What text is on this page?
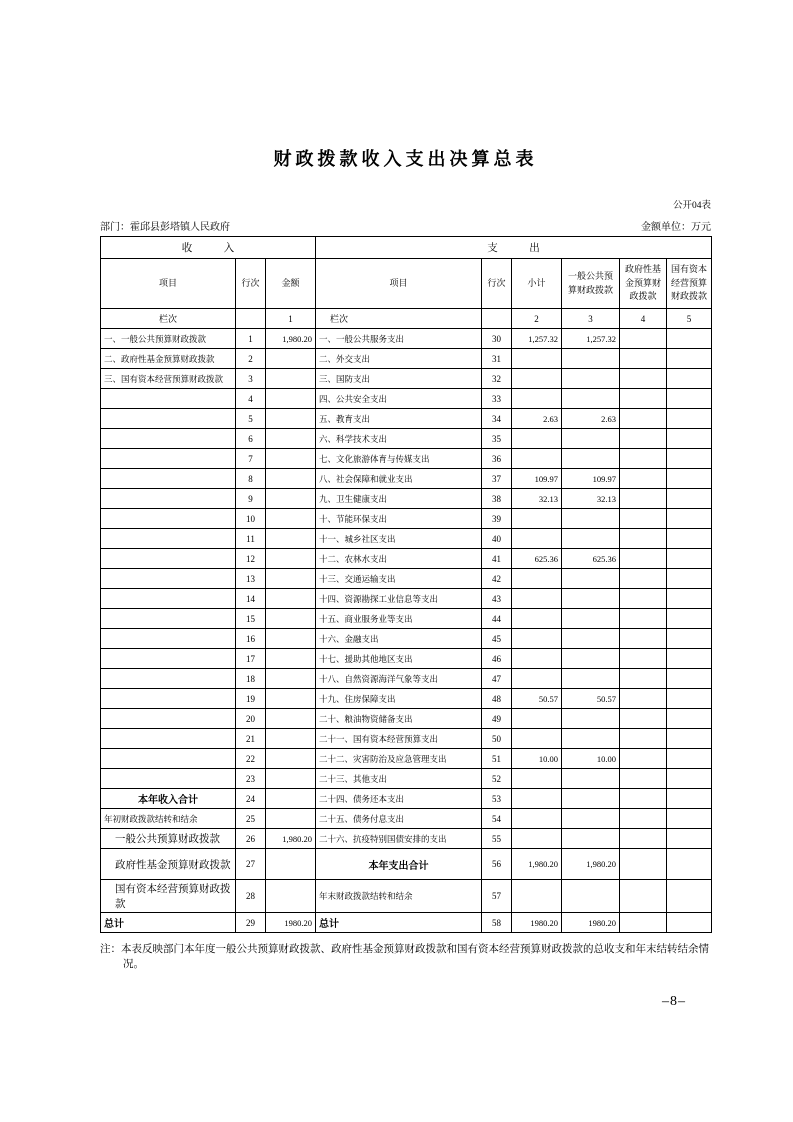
财政拨款收入支出决算总表
公开04表
部门：霍邱县彭塔镇人民政府	金额单位：万元
收　　　入			支　　　出					
项目	行次	金额	项目	行次	小计	一般公共预算财政拨款	政府性基金预算财政拨款	国有资本经营预算财政拨款
栏次		1	栏次		2	3	4	5
一、一般公共预算财政拨款	1	1,980.20	一、一般公共服务支出	30	1,257.32	1,257.32		
二、政府性基金预算财政拨款	2		二、外交支出	31				
三、国有资本经营预算财政拨款	3		三、国防支出	32				
	4		四、公共安全支出	33				
	5		五、教育支出	34	2.63	2.63		
	6		六、科学技术支出	35				
	7		七、文化旅游体育与传媒支出	36				
	8		八、社会保障和就业支出	37	109.97	109.97		
	9		九、卫生健康支出	38	32.13	32.13		
	10		十、节能环保支出	39				
	11		十一、城乡社区支出	40				
	12		十二、农林水支出	41	625.36	625.36		
	13		十三、交通运输支出	42				
	14		十四、资源勘探工业信息等支出	43				
	15		十五、商业服务业等支出	44				
	16		十六、金融支出	45				
	17		十七、援助其他地区支出	46				
	18		十八、自然资源海洋气象等支出	47				
	19		十九、住房保障支出	48	50.57	50.57		
	20		二十、粮油物资储备支出	49				
	21		二十一、国有资本经营预算支出	50				
	22		二十二、灾害防治及应急管理支出	51	10.00	10.00		
	23		二十三、其他支出	52				
本年收入合计	24		二十四、债务还本支出	53				
年初财政拨款结转和结余	25		二十五、债务付息支出	54				
一般公共预算财政拨款	26	1,980.20	二十六、抗疫特别国债安排的支出	55				
政府性基金预算财政拨款	27		本年支出合计	56	1,980.20	1,980.20		
国有资本经营预算财政拨款	28		年末财政拨款结转和结余	57				
总计	29	1980.20	总计	58	1980.20	1980.20		
注：本表反映部门本年度一般公共预算财政拨款、政府性基金预算财政拨款和国有资本经营预算财政拨款的总收支和年末结转结余情况。
–8–
